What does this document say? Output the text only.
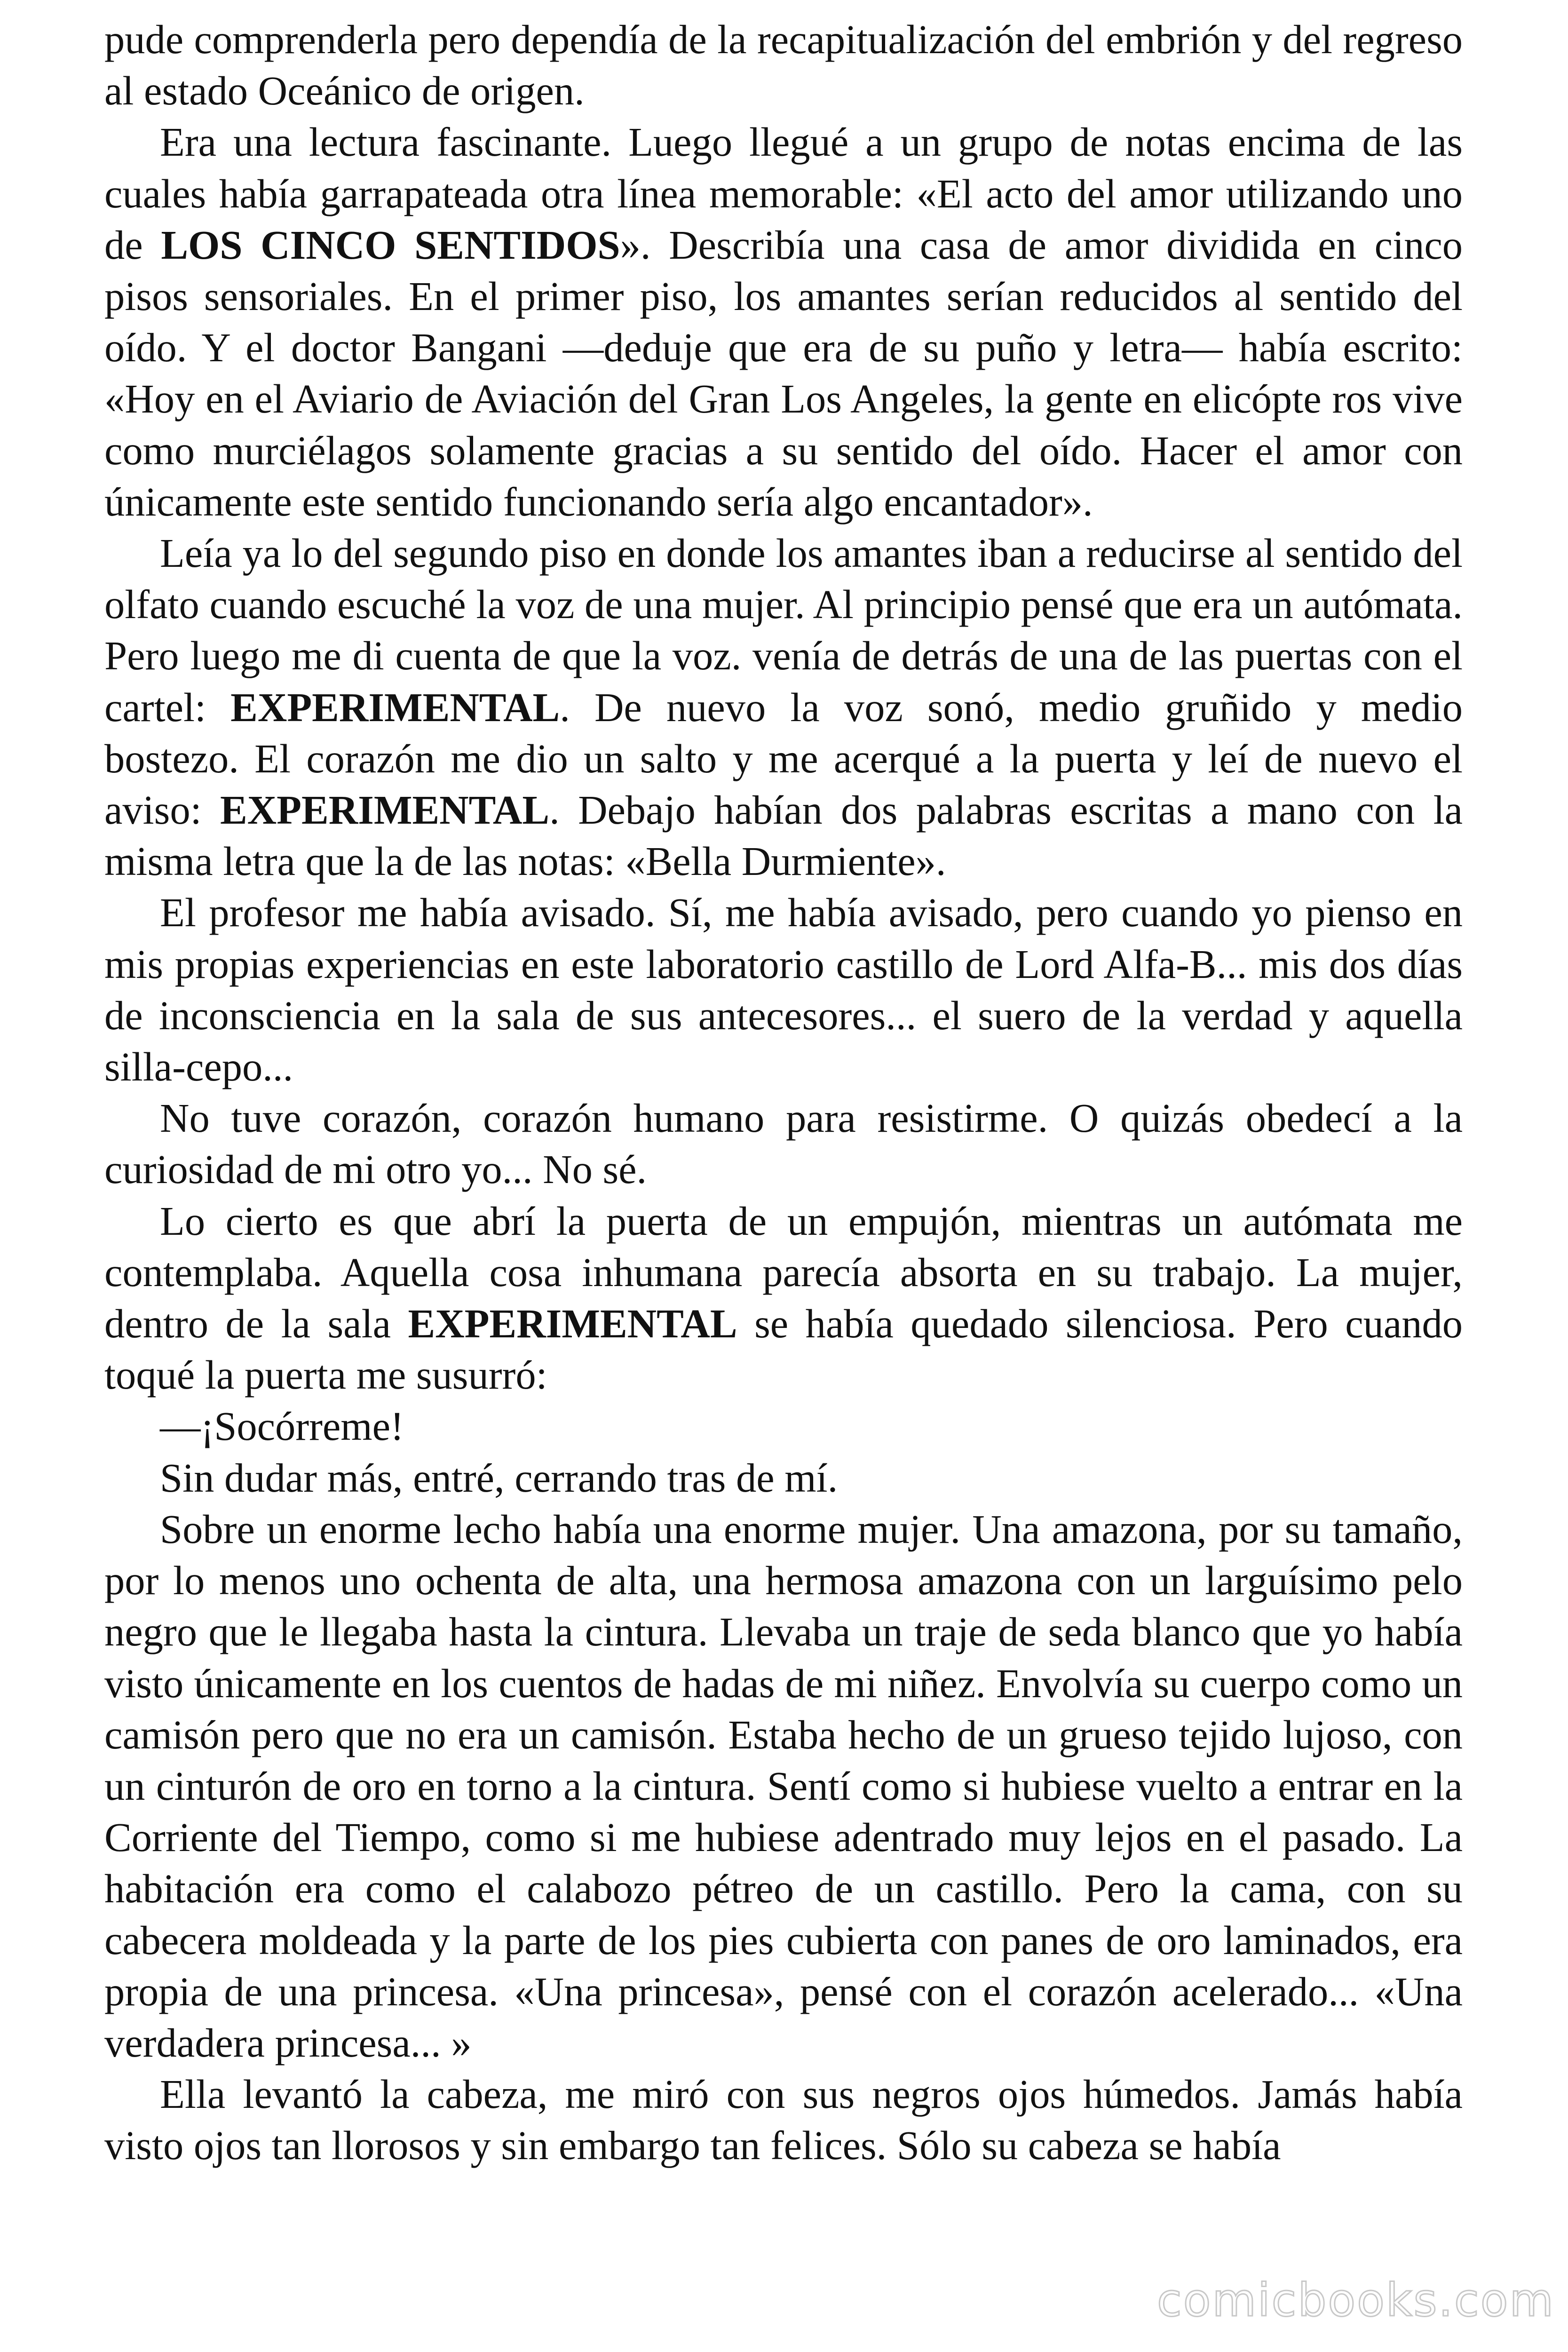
pude comprenderla pero dependía de la recapitualización del embrión y del regreso al estado Oceánico de origen.

Era una lectura fascinante. Luego llegué a un grupo de notas encima de las cuales había garrapateada otra línea memorable: «El acto del amor utilizando uno de LOS CINCO SENTIDOS». Describía una casa de amor dividida en cinco pisos sensoriales. En el primer piso, los amantes serían reducidos al sentido del oído. Y el doctor Bangani —deduje que era de su puño y letra— había escrito: «Hoy en el Aviario de Aviación del Gran Los Angeles, la gente en elicópte ros vive como murciélagos solamente gracias a su sentido del oído. Hacer el amor con únicamente este sentido funcionando sería algo encantador».

Leía ya lo del segundo piso en donde los amantes iban a reducirse al sentido del olfato cuando escuché la voz de una mujer. Al principio pensé que era un autómata. Pero luego me di cuenta de que la voz. venía de detrás de una de las puertas con el cartel: EXPERIMENTAL. De nuevo la voz sonó, medio gruñido y medio bostezo. El corazón me dio un salto y me acerqué a la puerta y leí de nuevo el aviso: EXPERIMENTAL. Debajo habían dos palabras escritas a mano con la misma letra que la de las notas: «Bella Durmiente».

El profesor me había avisado. Sí, me había avisado, pero cuando yo pienso en mis propias experiencias en este laboratorio castillo de Lord Alfa-B... mis dos días de inconsciencia en la sala de sus antecesores... el suero de la verdad y aquella silla-cepo...

No tuve corazón, corazón humano para resistirme. O quizás obedecí a la curiosidad de mi otro yo... No sé.

Lo cierto es que abrí la puerta de un empujón, mientras un autómata me contemplaba. Aquella cosa inhumana parecía absorta en su trabajo. La mujer, dentro de la sala EXPERIMENTAL se había quedado silenciosa. Pero cuando toqué la puerta me susurró:

—¡Socórreme!

Sin dudar más, entré, cerrando tras de mí.

Sobre un enorme lecho había una enorme mujer. Una amazona, por su tamaño, por lo menos uno ochenta de alta, una hermosa amazona con un larguísimo pelo negro que le llegaba hasta la cintura. Llevaba un traje de seda blanco que yo había visto únicamente en los cuentos de hadas de mi niñez. Envolvía su cuerpo como un camisón pero que no era un camisón. Estaba hecho de un grueso tejido lujoso, con un cinturón de oro en torno a la cintura. Sentí como si hubiese vuelto a entrar en la Corriente del Tiempo, como si me hubiese adentrado muy lejos en el pasado. La habitación era como el calabozo pétreo de un castillo. Pero la cama, con su cabecera moldeada y la parte de los pies cubierta con panes de oro laminados, era propia de una princesa. «Una princesa», pensé con el corazón acelerado... «Una verdadera princesa... »

Ella levantó la cabeza, me miró con sus negros ojos húmedos. Jamás había visto ojos tan llorosos y sin embargo tan felices. Sólo su cabeza se había

comicbooks.com
